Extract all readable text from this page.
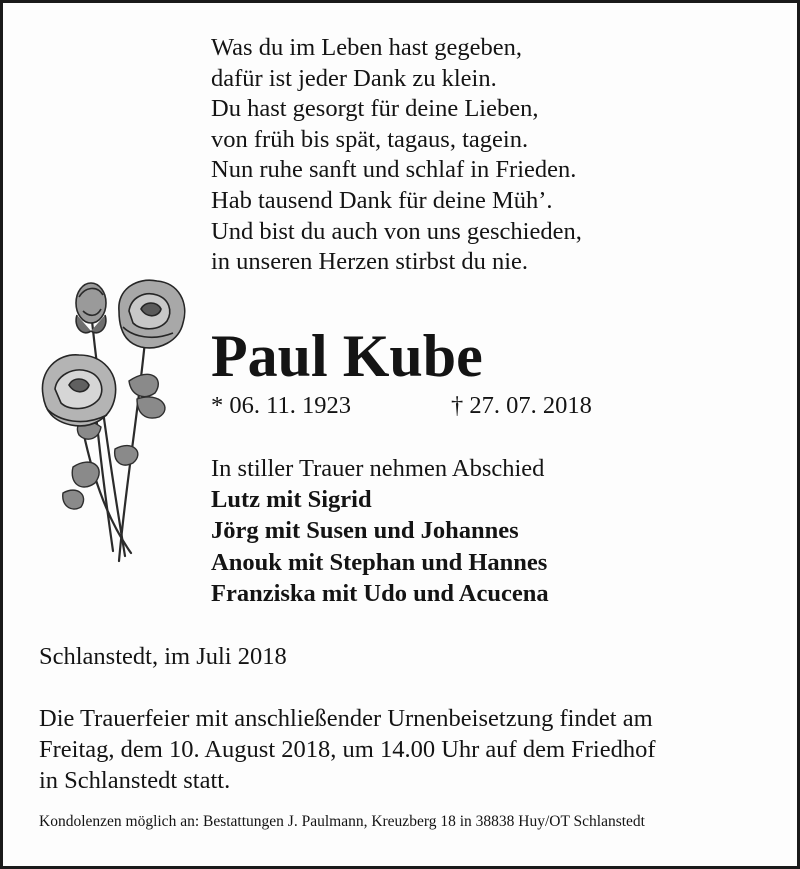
Was du im Leben hast gegeben,
dafür ist jeder Dank zu klein.
Du hast gesorgt für deine Lieben,
von früh bis spät, tagaus, tagein.
Nun ruhe sanft und schlaf in Frieden.
Hab tausend Dank für deine Müh’.
Und bist du auch von uns geschieden,
in unseren Herzen stirbst du nie.
Paul Kube
* 06. 11. 1923	† 27. 07. 2018
In stiller Trauer nehmen Abschied
Lutz mit Sigrid
Jörg mit Susen und Johannes
Anouk mit Stephan und Hannes
Franziska mit Udo und Acucena
Schlanstedt, im Juli 2018
Die Trauerfeier mit anschließender Urnenbeisetzung findet am
Freitag, dem 10. August 2018, um 14.00 Uhr auf dem Friedhof
in Schlanstedt statt.
Kondolenzen möglich an: Bestattungen J. Paulmann, Kreuzberg 18 in 38838 Huy/OT Schlanstedt
